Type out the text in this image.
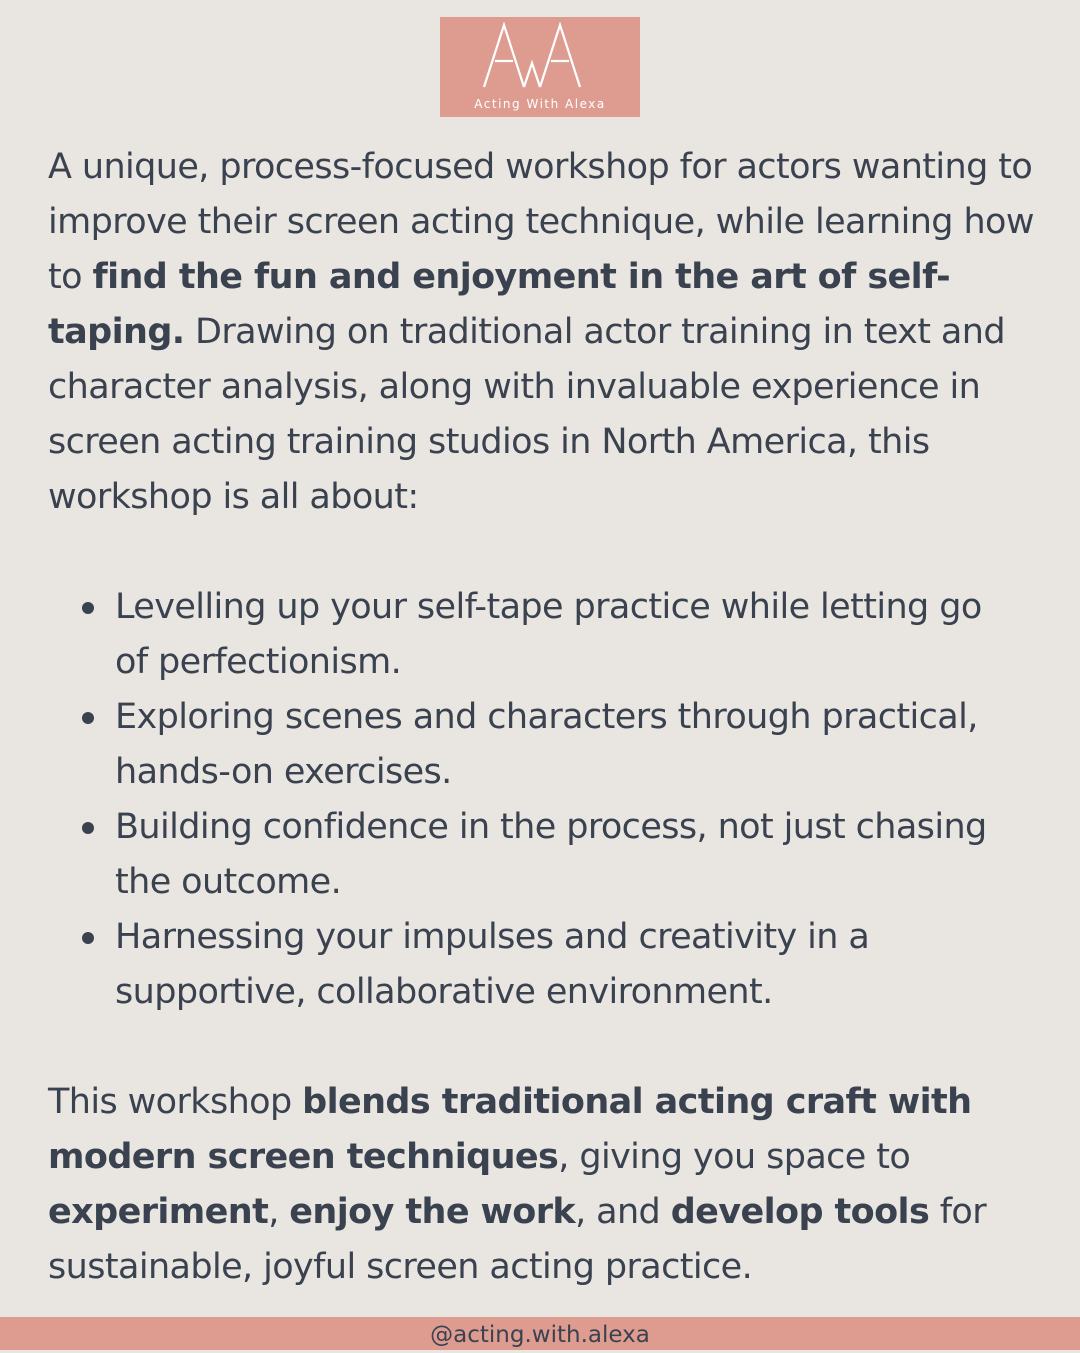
Acting With Alexa

A unique, process-focused workshop for actors wanting to improve their screen acting technique, while learning how to find the fun and enjoyment in the art of self-taping. Drawing on traditional actor training in text and character analysis, along with invaluable experience in screen acting training studios in North America, this workshop is all about:

Levelling up your self-tape practice while letting go of perfectionism.
Exploring scenes and characters through practical, hands-on exercises.
Building confidence in the process, not just chasing the outcome.
Harnessing your impulses and creativity in a supportive, collaborative environment.

This workshop blends traditional acting craft with modern screen techniques, giving you space to experiment, enjoy the work, and develop tools for sustainable, joyful screen acting practice.

@acting.with.alexa
